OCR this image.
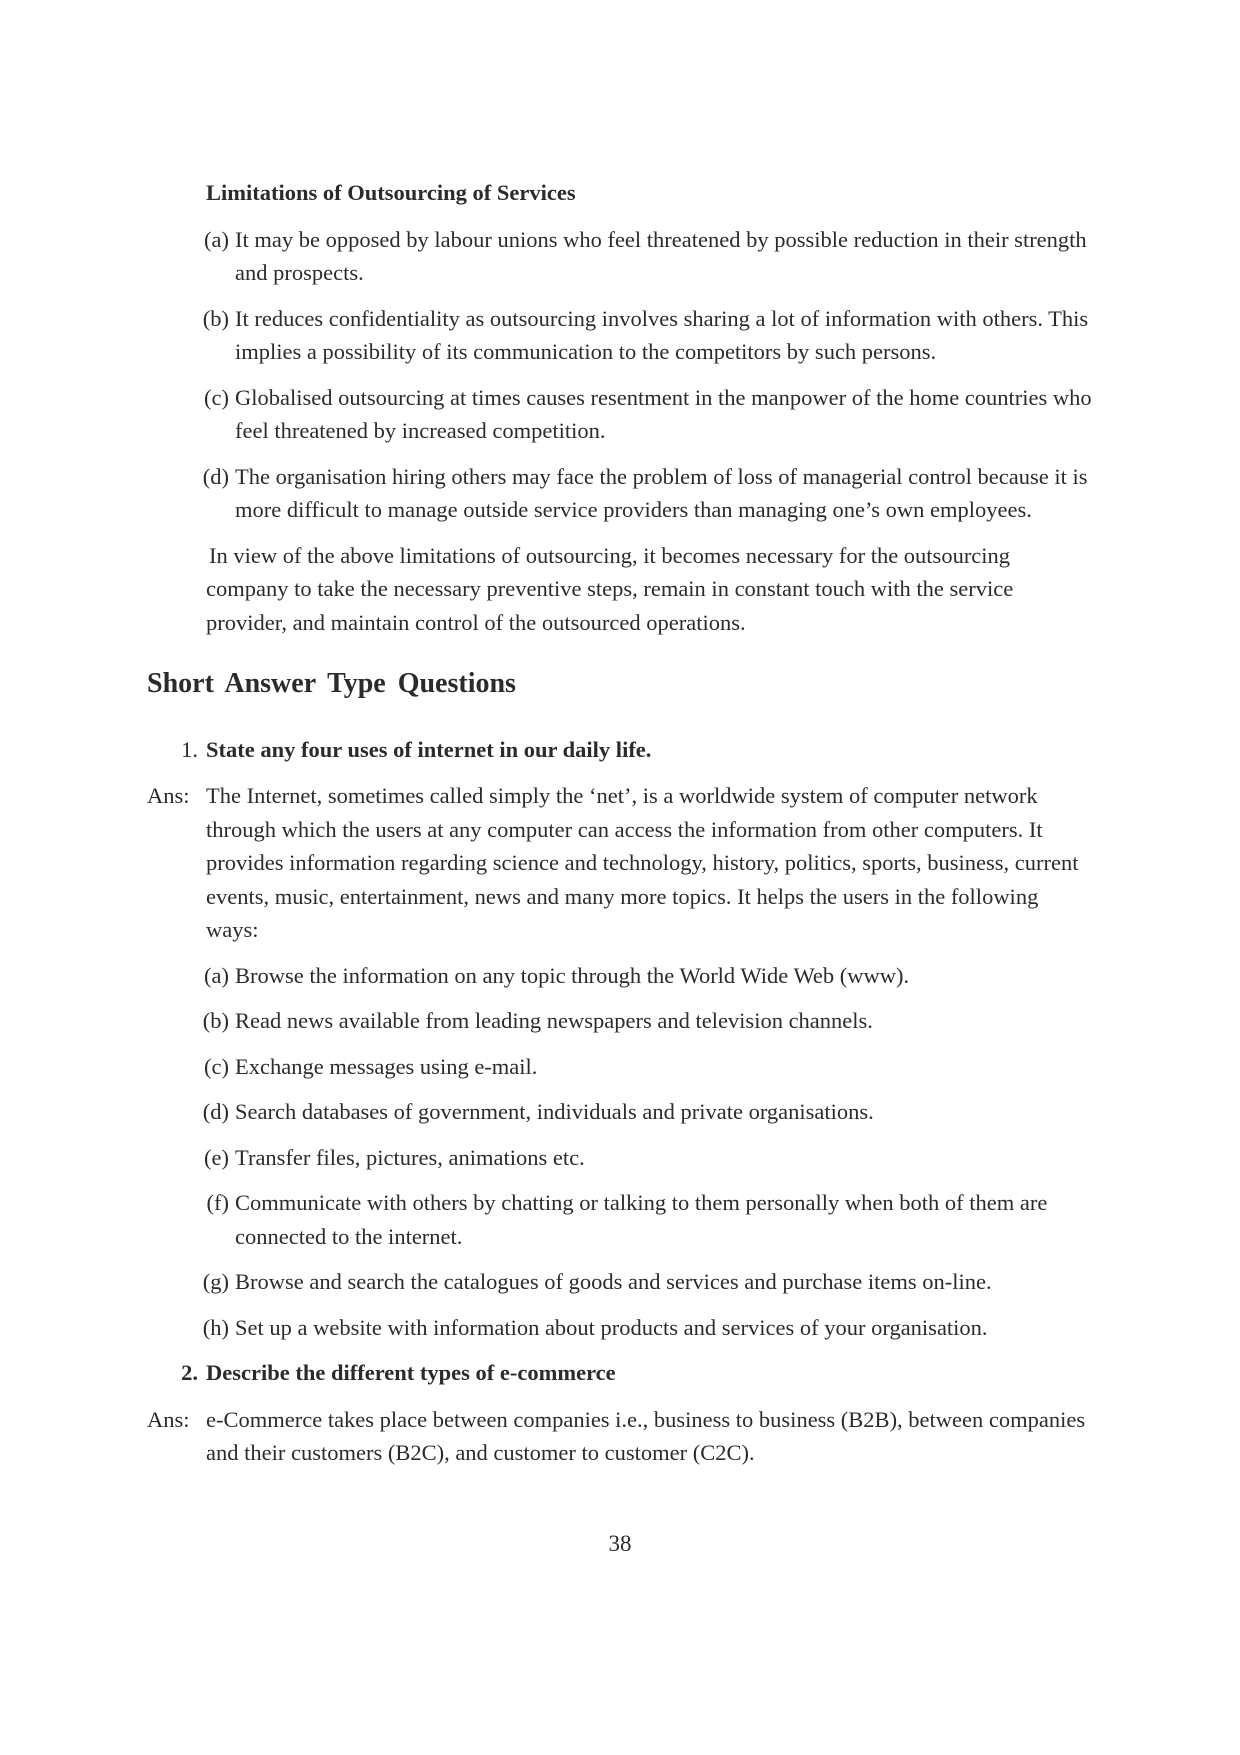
Limitations of Outsourcing of Services
(a) It may be opposed by labour unions who feel threatened by possible reduction in their strength and prospects.
(b) It reduces confidentiality as outsourcing involves sharing a lot of information with others. This implies a possibility of its communication to the competitors by such persons.
(c) Globalised outsourcing at times causes resentment in the manpower of the home countries who feel threatened by increased competition.
(d) The organisation hiring others may face the problem of loss of managerial control because it is more difficult to manage outside service providers than managing one’s own employees.
In view of the above limitations of outsourcing, it becomes necessary for the outsourcing company to take the necessary preventive steps, remain in constant touch with the service provider, and maintain control of the outsourced operations.
Short Answer Type Questions
1. State any four uses of internet in our daily life.
Ans: The Internet, sometimes called simply the ‘net’, is a worldwide system of computer network through which the users at any computer can access the information from other computers. It provides information regarding science and technology, history, politics, sports, business, current events, music, entertainment, news and many more topics. It helps the users in the following ways:
(a) Browse the information on any topic through the World Wide Web (www).
(b) Read news available from leading newspapers and television channels.
(c) Exchange messages using e-mail.
(d) Search databases of government, individuals and private organisations.
(e) Transfer files, pictures, animations etc.
(f) Communicate with others by chatting or talking to them personally when both of them are connected to the internet.
(g) Browse and search the catalogues of goods and services and purchase items on-line.
(h) Set up a website with information about products and services of your organisation.
2. Describe the different types of e-commerce
Ans: e-Commerce takes place between companies i.e., business to business (B2B), between companies and their customers (B2C), and customer to customer (C2C).
38
